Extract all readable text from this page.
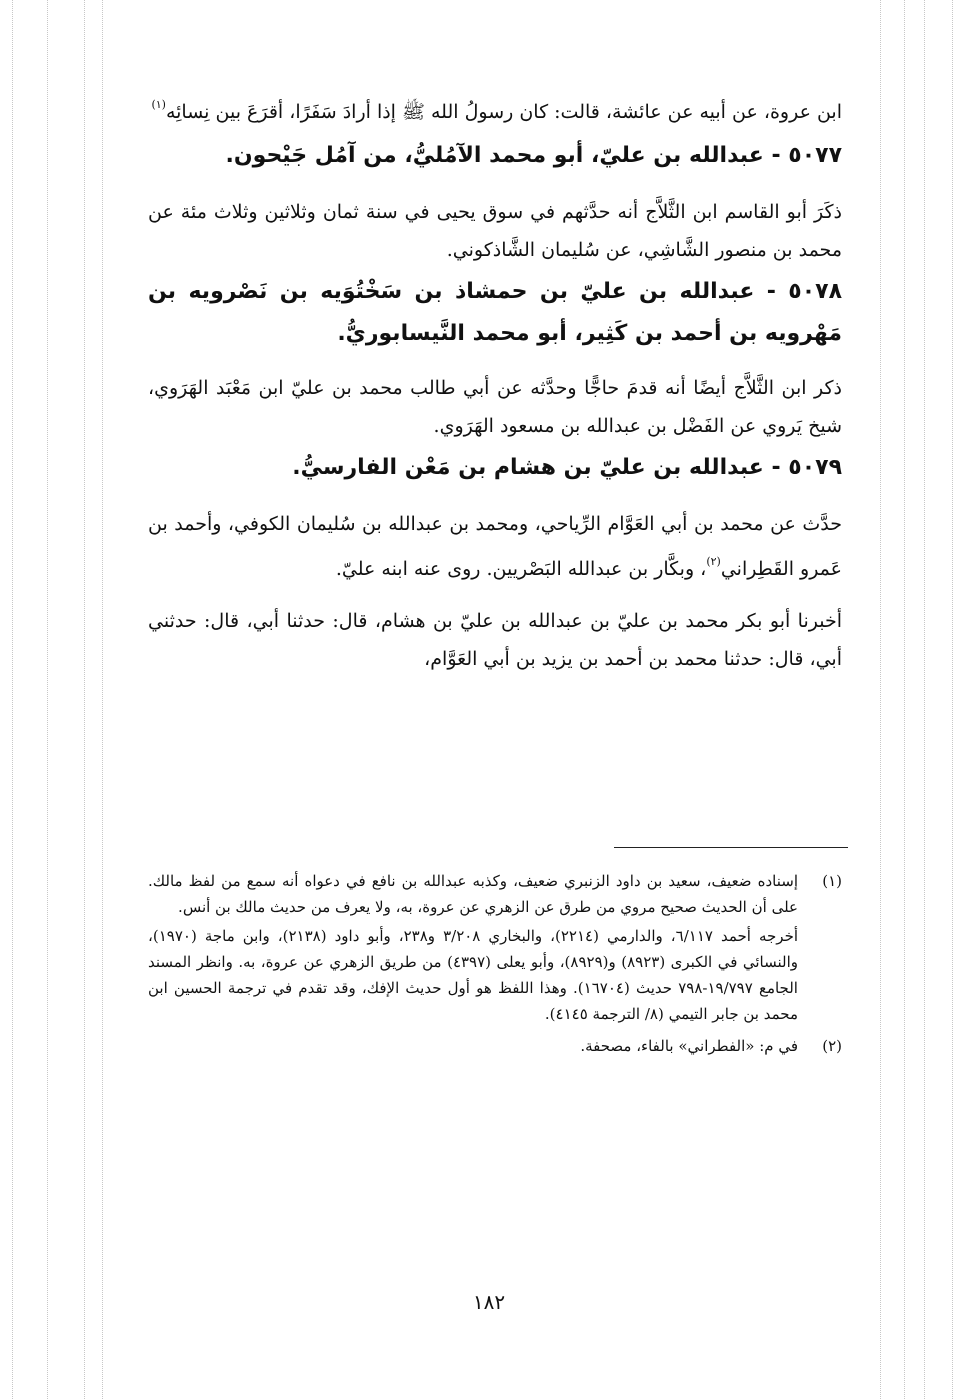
ابن عروة، عن أبيه عن عائشة، قالت: كان رسولُ الله ﷺ إذا أرادَ سَفَرًا، أقرَعَ بين نِسائِه$^{(١)}$

٥٠٧٧ - عبدالله بن عليّ، أبو محمد الآمُليُّ، من آمُل جَيْحون.

ذكَرَ أبو القاسم ابن الثَّلاَّج أنه حدَّثهم في سوق يحيى في سنة ثمان وثلاثين وثلاث مئة عن محمد بن منصور الشَّاشِي، عن سُليمان الشَّاذكوني.

٥٠٧٨ - عبدالله بن عليّ بن حمشاذ بن سَخْتُوَيه بن نَصْرويه بن مَهْرويه بن أحمد بن كَثِير، أبو محمد النَّيسابوريُّ.

ذكر ابن الثَّلاَّج أيضًا أنه قدمَ حاجًّا وحدَّثه عن أبي طالب محمد بن عليّ ابن مَعْبَد الهَرَوي، شيخ يَروي عن الفَضْل بن عبدالله بن مسعود الهَرَوي.

٥٠٧٩ - عبدالله بن عليّ بن هشام بن مَعْن الفارسيُّ.

حدَّث عن محمد بن أبي العَوَّام الرِّياحي، ومحمد بن عبدالله بن سُليمان الكوفي، وأحمد بن عَمرو القَطِراني$^{(٢)}$، وبكَّار بن عبدالله البَصْريين. روى عنه ابنه عليّ.

أخبرنا أبو بكر محمد بن عليّ بن عبدالله بن عليّ بن هشام، قال: حدثنا أبي، قال: حدثني أبي، قال: حدثنا محمد بن أحمد بن يزيد بن أبي العَوَّام،

(١)

إسناده ضعيف، سعيد بن داود الزنبري ضعيف، وكذبه عبدالله بن نافع في دعواه أنه سمع من لفظ مالك. على أن الحديث صحيح مروي من طرق عن الزهري عن عروة، به، ولا يعرف من حديث مالك بن أنس.

أخرجه أحمد ٦/١١٧، والدارمي (٢٢١٤)، والبخاري ٣/٢٠٨ و٢٣٨، وأبو داود (٢١٣٨)، وابن ماجة (١٩٧٠)، والنسائي في الكبرى (٨٩٢٣) و(٨٩٢٩)، وأبو يعلى (٤٣٩٧) من طريق الزهري عن عروة، به. وانظر المسند الجامع ١٩/٧٩٧-٧٩٨ حديث (١٦٧٠٤). وهذا اللفظ هو أول حديث الإفك، وقد تقدم في ترجمة الحسين ابن محمد بن جابر التيمي (٨/ الترجمة ٤١٤٥).

(٢)

في م: «الفطراني» بالفاء، مصحفة.

١٨٢
